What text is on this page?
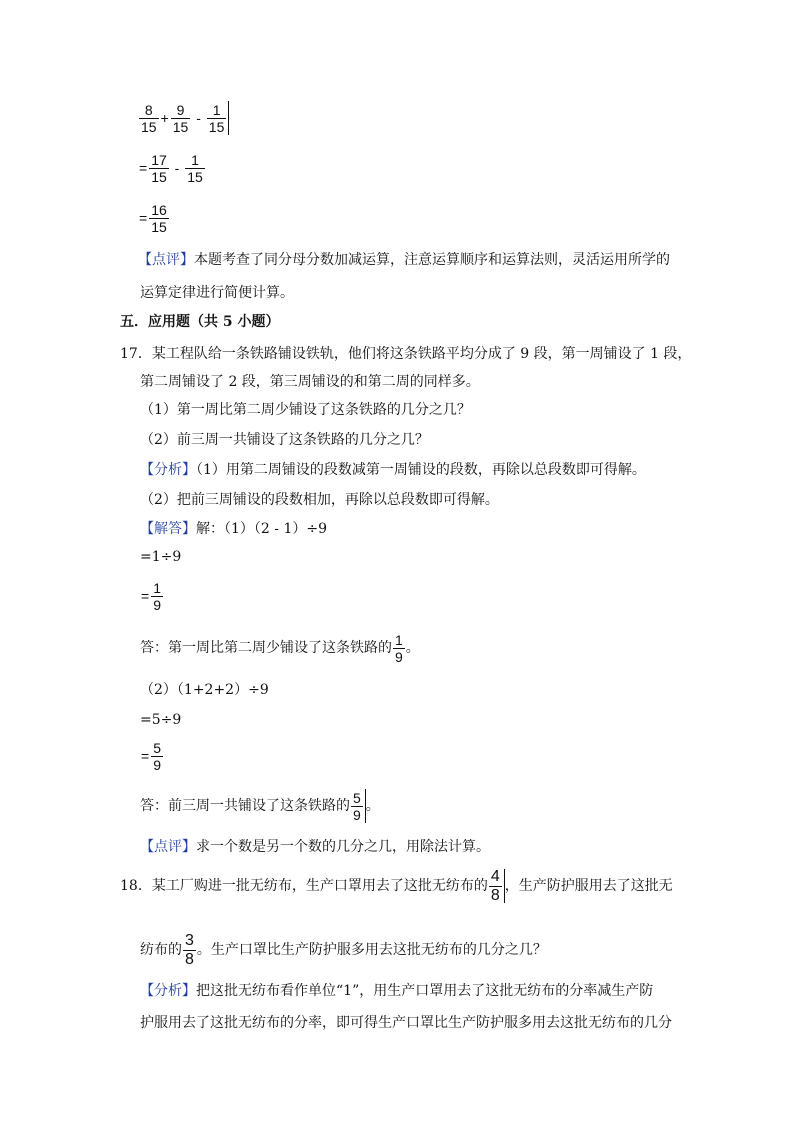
$\frac{8}{15} + \frac{9}{15} - \frac{1}{15}$
= $\frac{17}{15} - \frac{1}{15}$
= $\frac{16}{15}$
【点评】本题考查了同分母分数加减运算，注意运算顺序和运算法则，灵活运用所学的
运算定律进行简便计算。
五．应用题（共 5 小题）
17．某工程队给一条铁路铺设铁轨，他们将这条铁路平均分成了 9 段，第一周铺设了 1 段，
第二周铺设了 2 段，第三周铺设的和第二周的同样多。
（1）第一周比第二周少铺设了这条铁路的几分之几？
（2）前三周一共铺设了这条铁路的几分之几？
【分析】（1）用第二周铺设的段数减第一周铺设的段数，再除以总段数即可得解。
（2）把前三周铺设的段数相加，再除以总段数即可得解。
【解答】解：（1）（2 - 1）÷9
=1÷9
= $\frac{1}{9}$
答：第一周比第二周少铺设了这条铁路的 $\frac{1}{9}$ 。
（2）（1+2+2）÷9
=5÷9
= $\frac{5}{9}$
答：前三周一共铺设了这条铁路的 $\frac{5}{9}$ 。
【点评】求一个数是另一个数的几分之几，用除法计算。
18．某工厂购进一批无纺布，生产口罩用去了这批无纺布的 $\frac{4}{8}$ ，生产防护服用去了这批无
纺布的 $\frac{3}{8}$ 。生产口罩比生产防护服多用去这批无纺布的几分之几？
【分析】把这批无纺布看作单位“1”，用生产口罩用去了这批无纺布的分率减生产防
护服用去了这批无纺布的分率，即可得生产口罩比生产防护服多用去这批无纺布的几分
